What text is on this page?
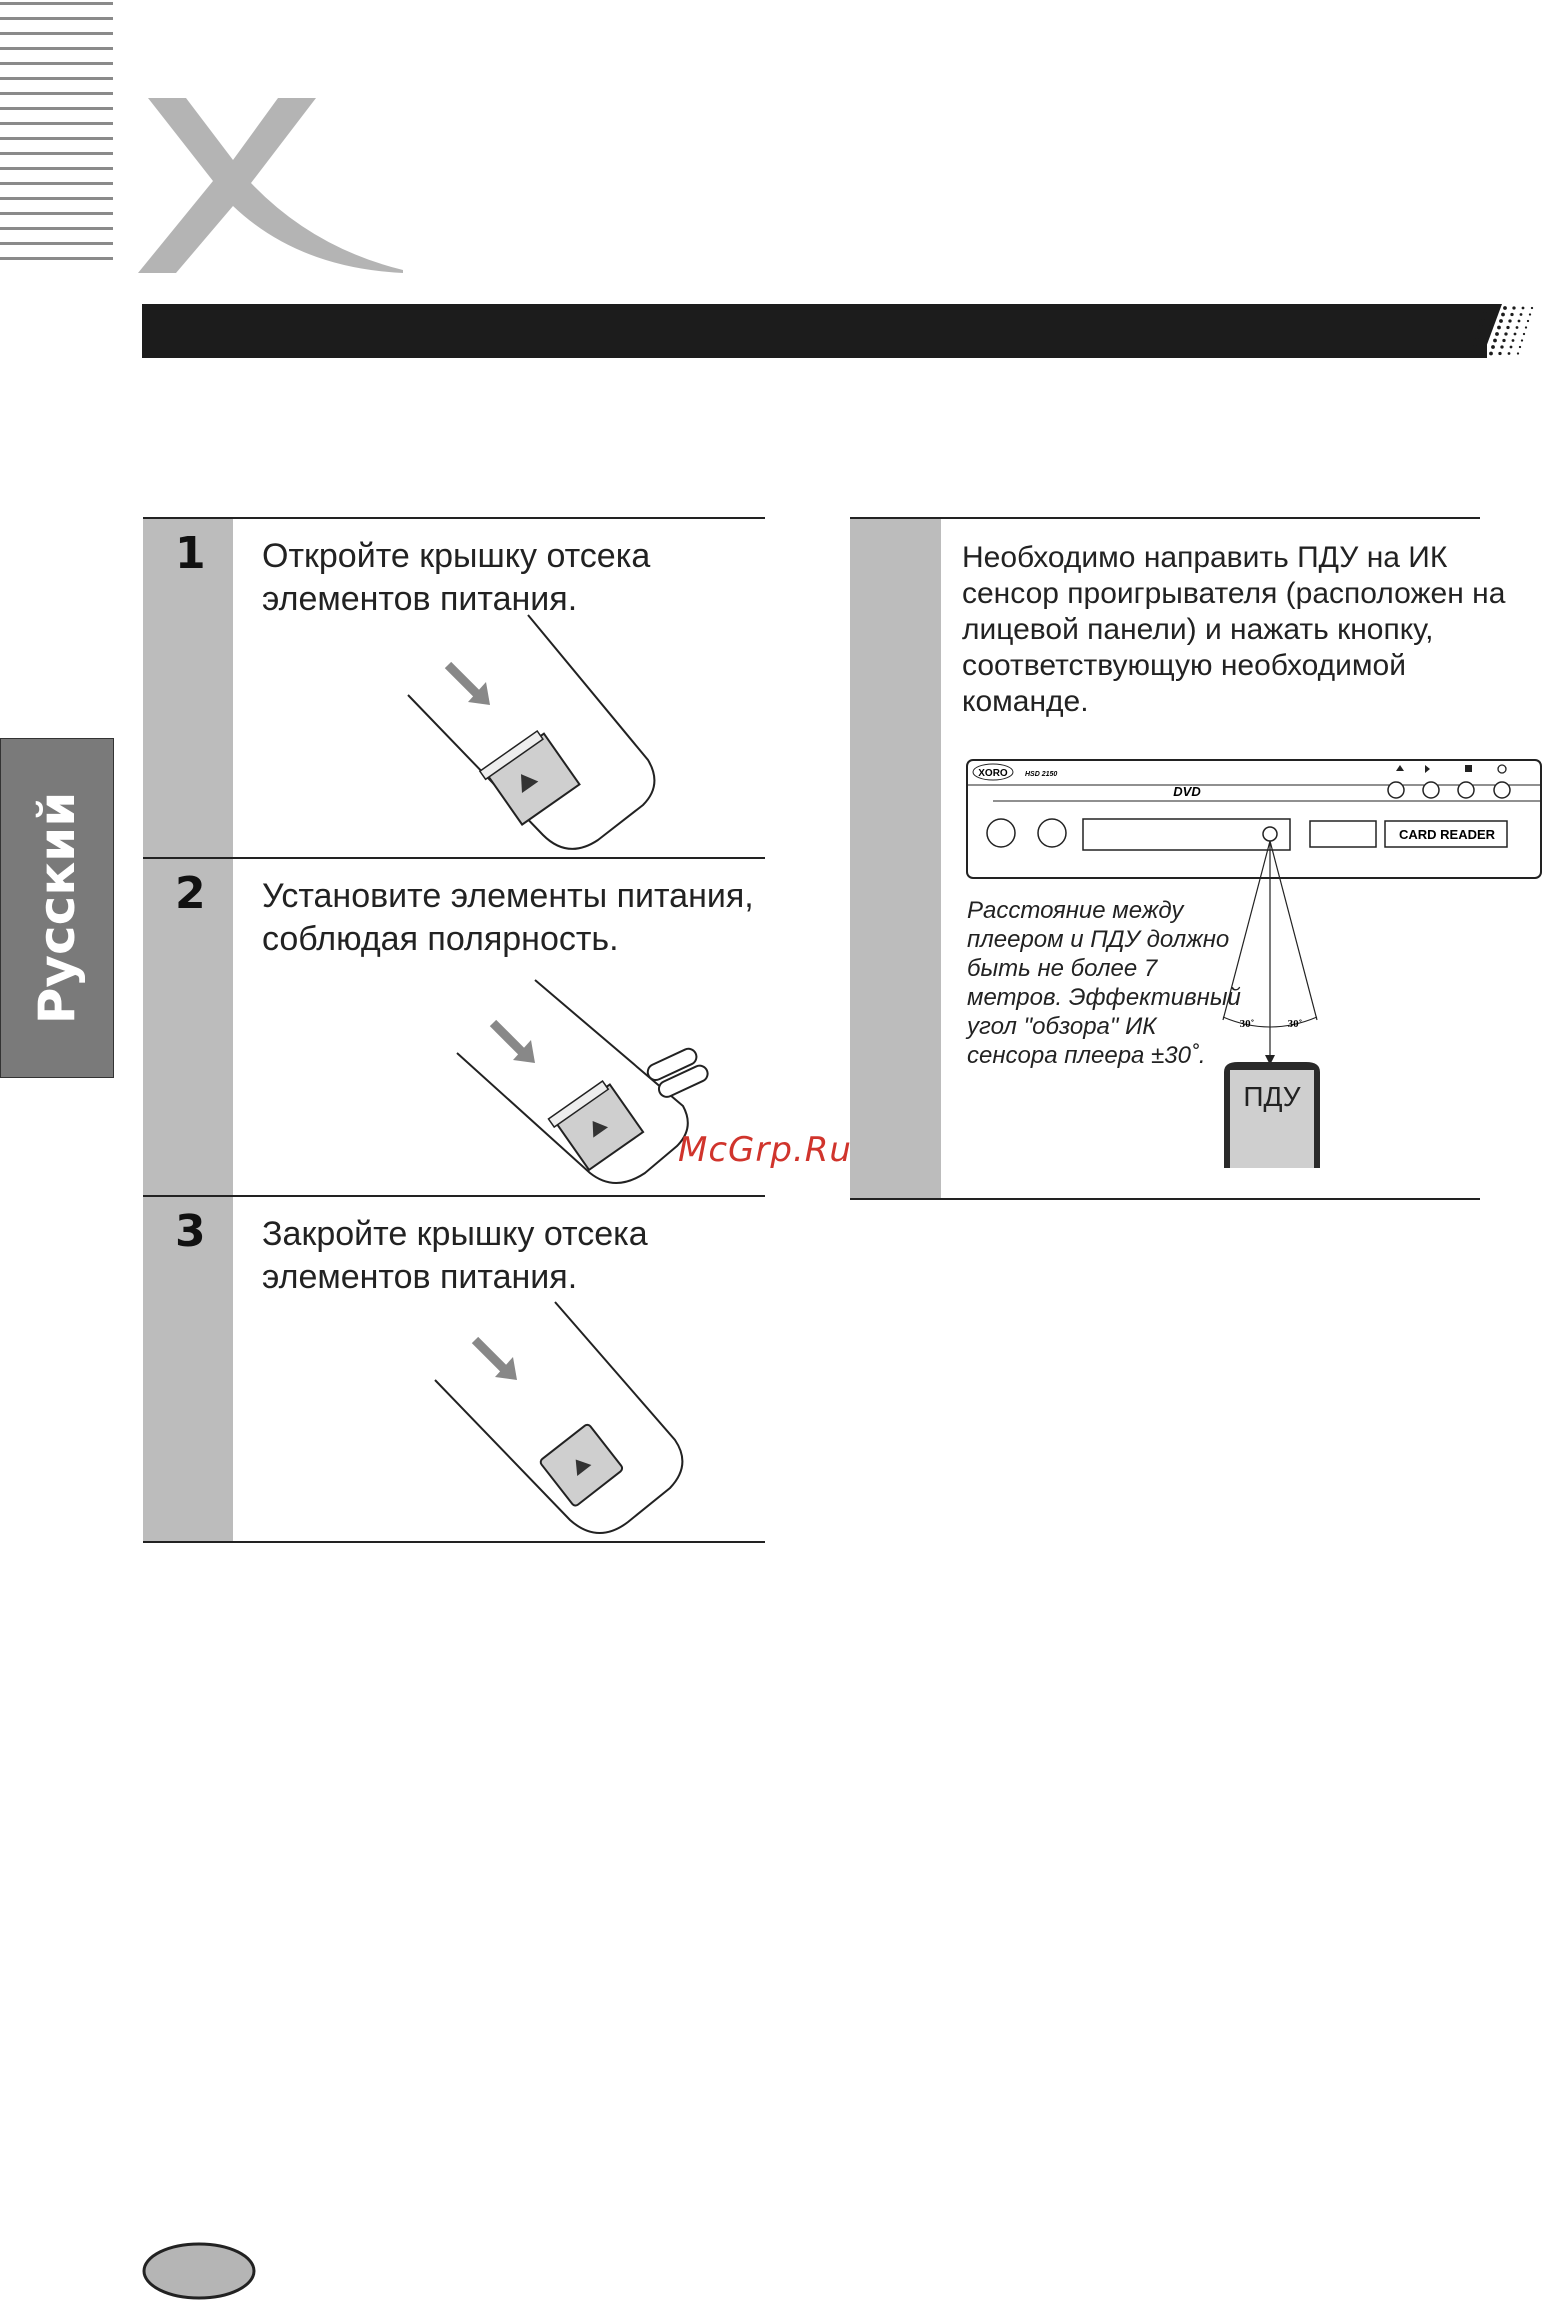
Русский
1 Откройте крышку отсека элементов питания.
2 Установите элементы питания, соблюдая полярность.
3 Закройте крышку отсека элементов питания.
Необходимо направить ПДУ на ИК сенсор проигрывателя (расположен на лицевой панели) и нажать кнопку, соответствующую необходимой команде.
XORO HSD 2150
DVD
CARD READER
30˚	30˚
ПДУ
Расстояние между плеером и ПДУ должно быть не более 7 метров. Эффективный угол "обзора" ИК сенсора плеера ±30˚.
McGrp.Ru
